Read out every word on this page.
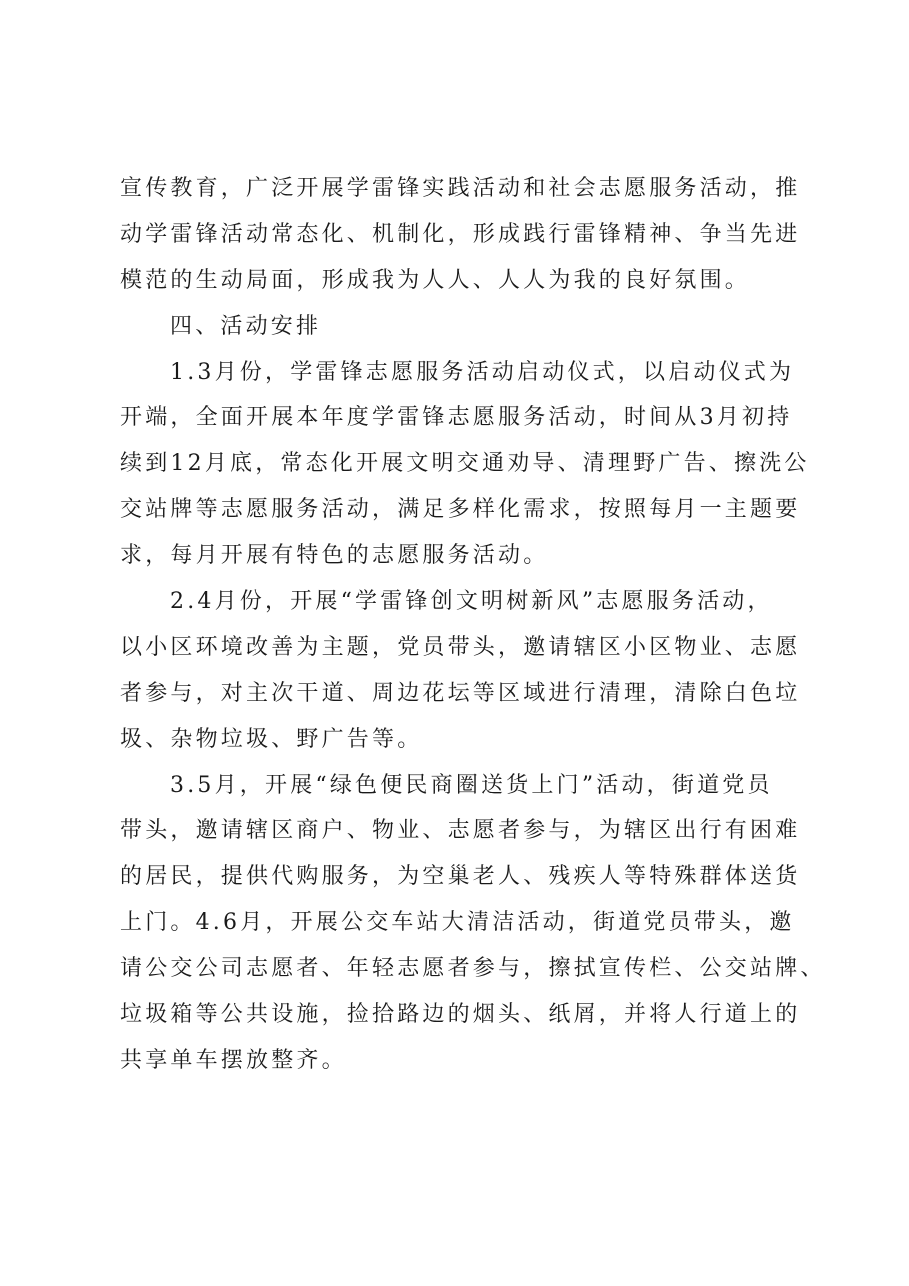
宣传教育，广泛开展学雷锋实践活动和社会志愿服务活动，推
动学雷锋活动常态化、机制化，形成践行雷锋精神、争当先进
模范的生动局面，形成我为人人、人人为我的良好氛围。
四、活动安排
1.3月份，学雷锋志愿服务活动启动仪式，以启动仪式为
开端，全面开展本年度学雷锋志愿服务活动，时间从3月初持
续到12月底，常态化开展文明交通劝导、清理野广告、擦洗公
交站牌等志愿服务活动，满足多样化需求，按照每月一主题要
求，每月开展有特色的志愿服务活动。
2.4月份，开展“学雷锋创文明树新风”志愿服务活动，
以小区环境改善为主题，党员带头，邀请辖区小区物业、志愿
者参与，对主次干道、周边花坛等区域进行清理，清除白色垃
圾、杂物垃圾、野广告等。
3.5月，开展“绿色便民商圈送货上门”活动，街道党员
带头，邀请辖区商户、物业、志愿者参与，为辖区出行有困难
的居民，提供代购服务，为空巢老人、残疾人等特殊群体送货
上门。4.6月，开展公交车站大清洁活动，街道党员带头，邀
请公交公司志愿者、年轻志愿者参与，擦拭宣传栏、公交站牌、
垃圾箱等公共设施，捡拾路边的烟头、纸屑，并将人行道上的
共享单车摆放整齐。
